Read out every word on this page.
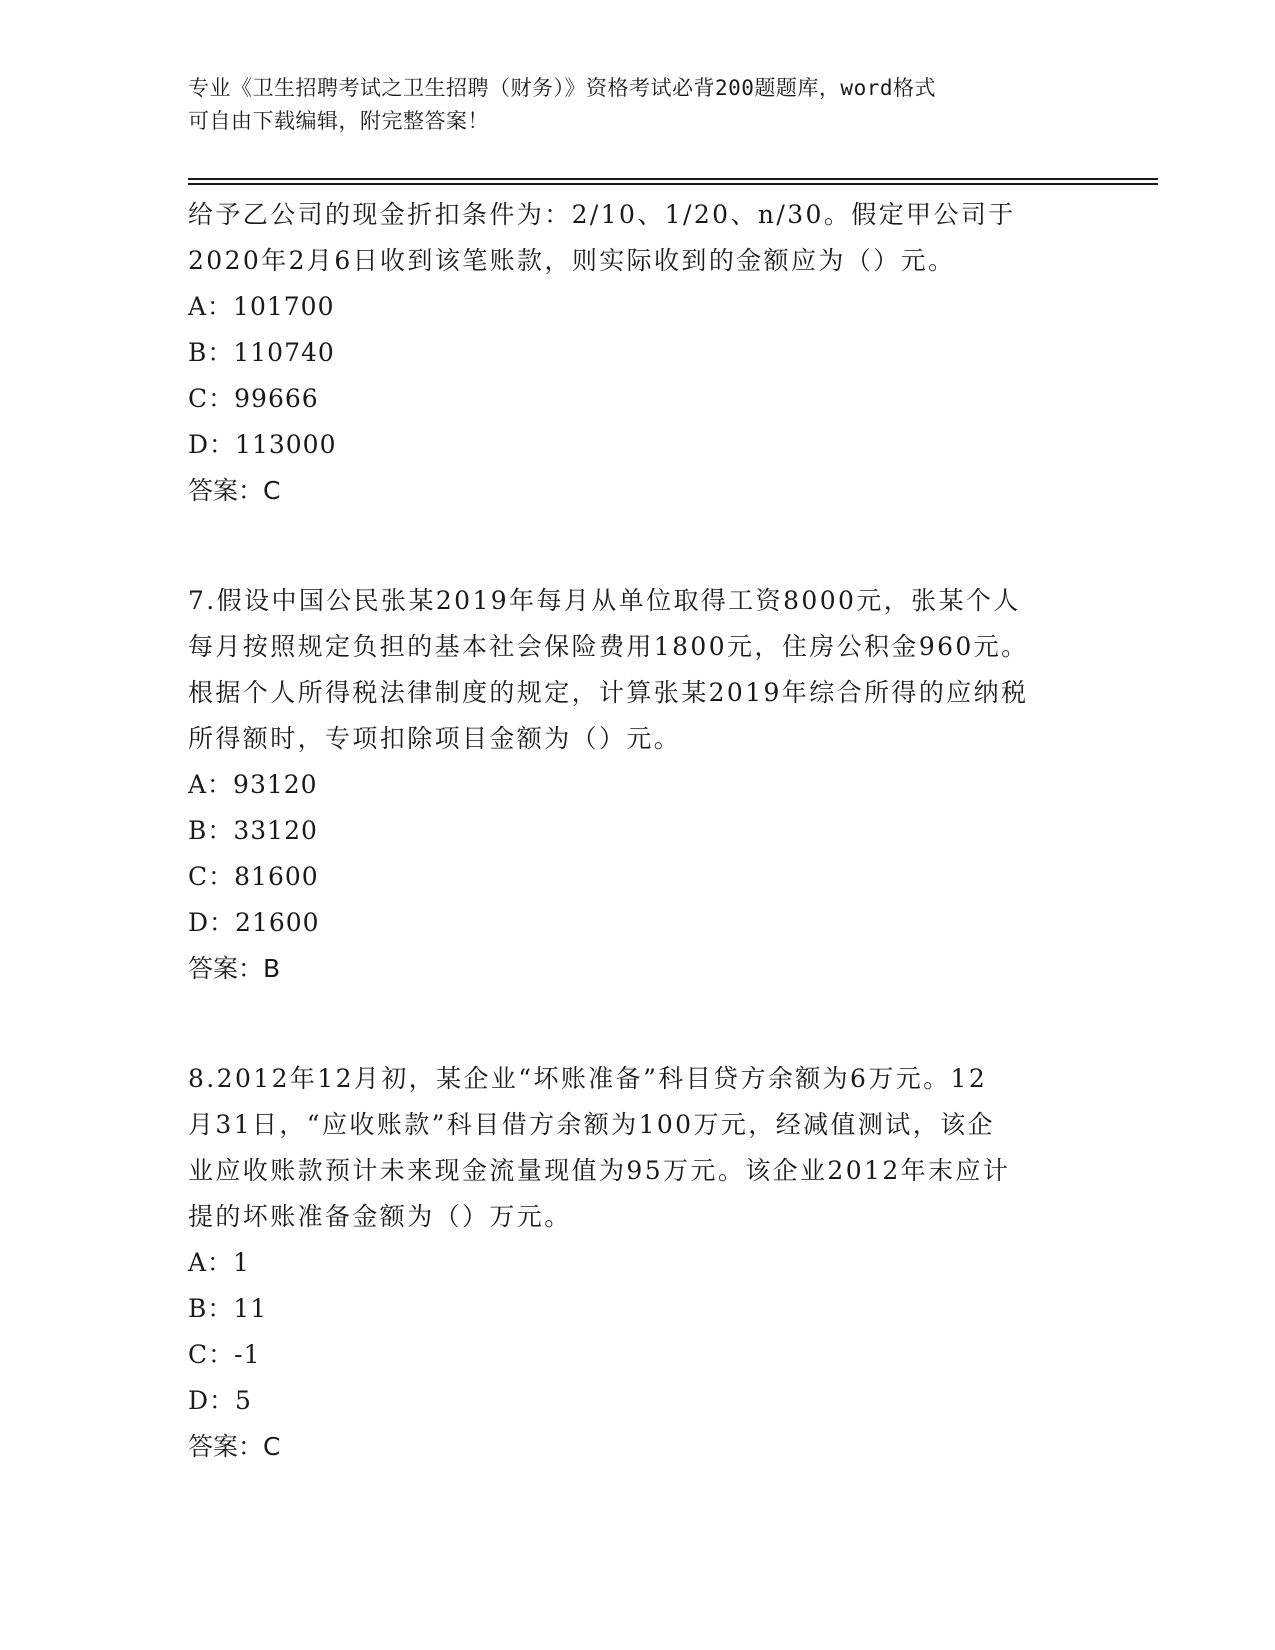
专业《卫生招聘考试之卫生招聘（财务）》资格考试必背200题题库，word格式
可自由下载编辑，附完整答案！
给予乙公司的现金折扣条件为：2/10、1/20、n/30。假定甲公司于
2020年2月6日收到该笔账款，则实际收到的金额应为（）元。
A：101700
B：110740
C：99666
D：113000
答案：C
7.假设中国公民张某2019年每月从单位取得工资8000元，张某个人
每月按照规定负担的基本社会保险费用1800元，住房公积金960元。
根据个人所得税法律制度的规定，计算张某2019年综合所得的应纳税
所得额时，专项扣除项目金额为（）元。
A：93120
B：33120
C：81600
D：21600
答案：B
8.2012年12月初，某企业“坏账准备”科目贷方余额为6万元。12
月31日，“应收账款”科目借方余额为100万元，经减值测试，该企
业应收账款预计未来现金流量现值为95万元。该企业2012年末应计
提的坏账准备金额为（）万元。
A：1
B：11
C：-1
D：5
答案：C
